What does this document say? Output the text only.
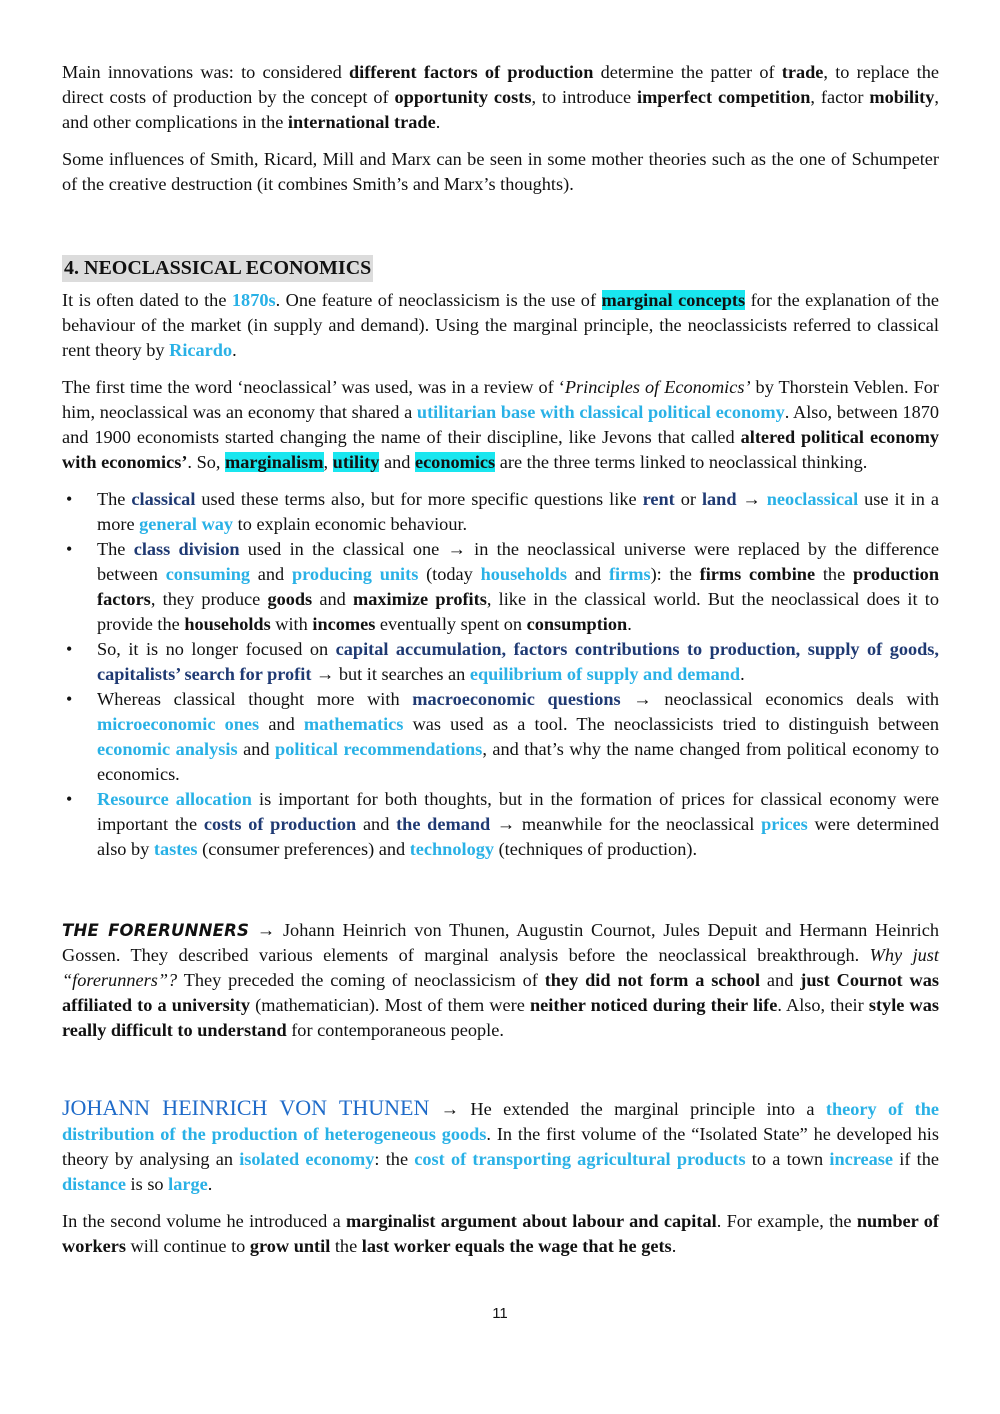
Main innovations was: to considered different factors of production determine the patter of trade, to replace the direct costs of production by the concept of opportunity costs, to introduce imperfect competition, factor mobility, and other complications in the international trade.

Some influences of Smith, Ricard, Mill and Marx can be seen in some mother theories such as the one of Schumpeter of the creative destruction (it combines Smith’s and Marx’s thoughts).

4. NEOCLASSICAL ECONOMICS

It is often dated to the 1870s. One feature of neoclassicism is the use of marginal concepts for the explanation of the behaviour of the market (in supply and demand). Using the marginal principle, the neoclassicists referred to classical rent theory by Ricardo.

The first time the word ‘neoclassical’ was used, was in a review of ‘Principles of Economics’ by Thorstein Veblen. For him, neoclassical was an economy that shared a utilitarian base with classical political economy. Also, between 1870 and 1900 economists started changing the name of their discipline, like Jevons that called altered political economy with economics’. So, marginalism, utility and economics are the three terms linked to neoclassical thinking.

• The classical used these terms also, but for more specific questions like rent or land → neoclassical use it in a more general way to explain economic behaviour.
• The class division used in the classical one → in the neoclassical universe were replaced by the difference between consuming and producing units (today households and firms): the firms combine the production factors, they produce goods and maximize profits, like in the classical world. But the neoclassical does it to provide the households with incomes eventually spent on consumption.
• So, it is no longer focused on capital accumulation, factors contributions to production, supply of goods, capitalists’ search for profit → but it searches an equilibrium of supply and demand.
• Whereas classical thought more with macroeconomic questions → neoclassical economics deals with microeconomic ones and mathematics was used as a tool. The neoclassicists tried to distinguish between economic analysis and political recommendations, and that’s why the name changed from political economy to economics.
• Resource allocation is important for both thoughts, but in the formation of prices for classical economy were important the costs of production and the demand → meanwhile for the neoclassical prices were determined also by tastes (consumer preferences) and technology (techniques of production).

THE FORERUNNERS → Johann Heinrich von Thunen, Augustin Cournot, Jules Depuit and Hermann Heinrich Gossen. They described various elements of marginal analysis before the neoclassical breakthrough. Why just “forerunners”? They preceded the coming of neoclassicism of they did not form a school and just Cournot was affiliated to a university (mathematician). Most of them were neither noticed during their life. Also, their style was really difficult to understand for contemporaneous people.

JOHANN HEINRICH VON THUNEN → He extended the marginal principle into a theory of the distribution of the production of heterogeneous goods. In the first volume of the “Isolated State” he developed his theory by analysing an isolated economy: the cost of transporting agricultural products to a town increase if the distance is so large.

In the second volume he introduced a marginalist argument about labour and capital. For example, the number of workers will continue to grow until the last worker equals the wage that he gets.

11
